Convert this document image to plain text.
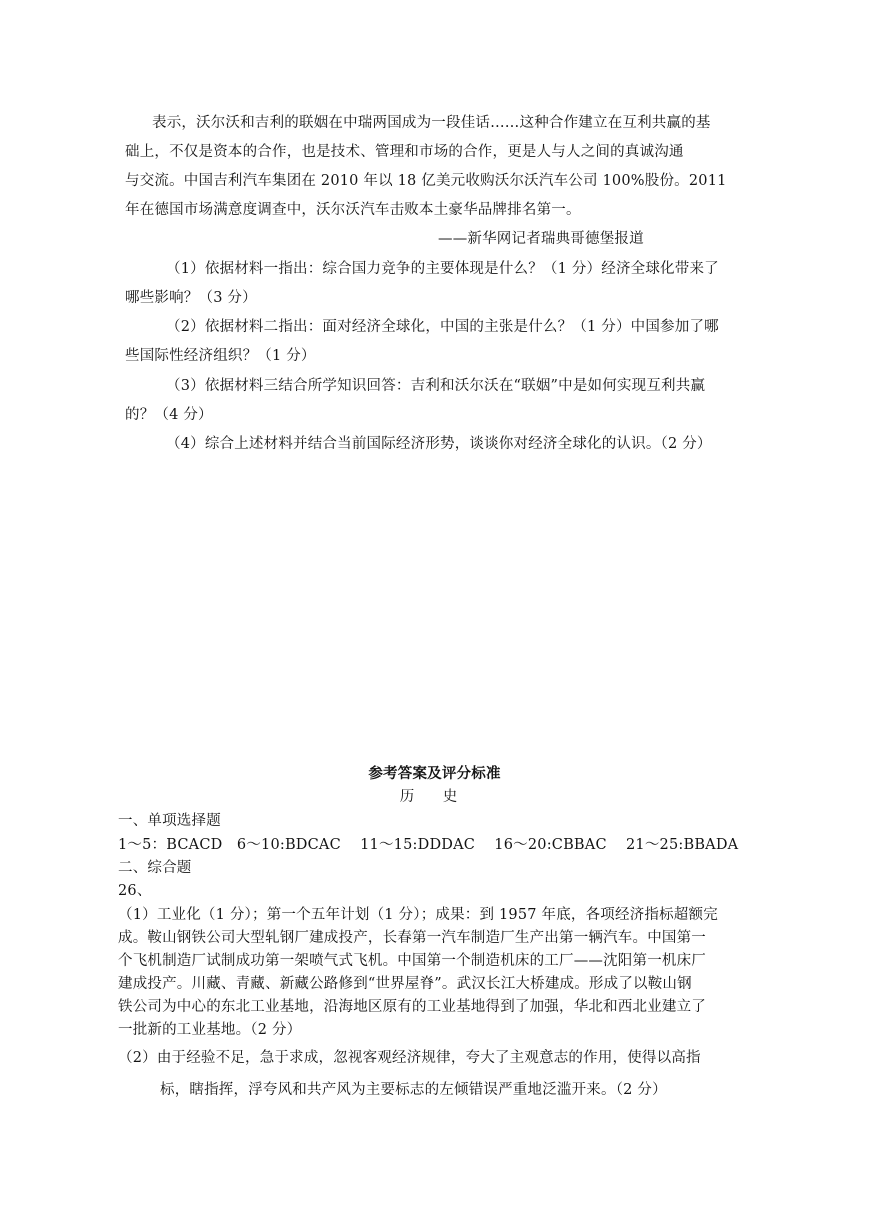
表示，沃尔沃和吉利的联姻在中瑞两国成为一段佳话……这种合作建立在互利共赢的基
础上，不仅是资本的合作，也是技术、管理和市场的合作，更是人与人之间的真诚沟通
与交流。中国吉利汽车集团在 2010 年以 18 亿美元收购沃尔沃汽车公司 100%股份。2011
年在德国市场满意度调查中，沃尔沃汽车击败本土豪华品牌排名第一。
——新华网记者瑞典哥德堡报道
（1）依据材料一指出：综合国力竞争的主要体现是什么？（1 分）经济全球化带来了
哪些影响？（3 分）
（2）依据材料二指出：面对经济全球化，中国的主张是什么？（1 分）中国参加了哪
些国际性经济组织？（1 分）
（3）依据材料三结合所学知识回答：吉利和沃尔沃在“联姻”中是如何实现互利共赢
的？（4 分）
（4）综合上述材料并结合当前国际经济形势，谈谈你对经济全球化的认识。（2 分）
参考答案及评分标准
历 史
一、单项选择题
1～5：BCACD   6～10:BDCAC    11～15:DDDAC    16～20:CBBAC    21～25:BBADA
二、综合题
26、
（1）工业化（1 分）；第一个五年计划（1 分）；成果：到 1957 年底，各项经济指标超额完
成。鞍山钢铁公司大型轧钢厂建成投产，长春第一汽车制造厂生产出第一辆汽车。中国第一
个飞机制造厂试制成功第一架喷气式飞机。中国第一个制造机床的工厂——沈阳第一机床厂
建成投产。川藏、青藏、新藏公路修到“世界屋脊”。武汉长江大桥建成。形成了以鞍山钢
铁公司为中心的东北工业基地，沿海地区原有的工业基地得到了加强，华北和西北业建立了
一批新的工业基地。（2 分）
（2）由于经验不足，急于求成，忽视客观经济规律，夸大了主观意志的作用，使得以高指
标，瞎指挥，浮夸风和共产风为主要标志的左倾错误严重地泛滥开来。（2 分）
